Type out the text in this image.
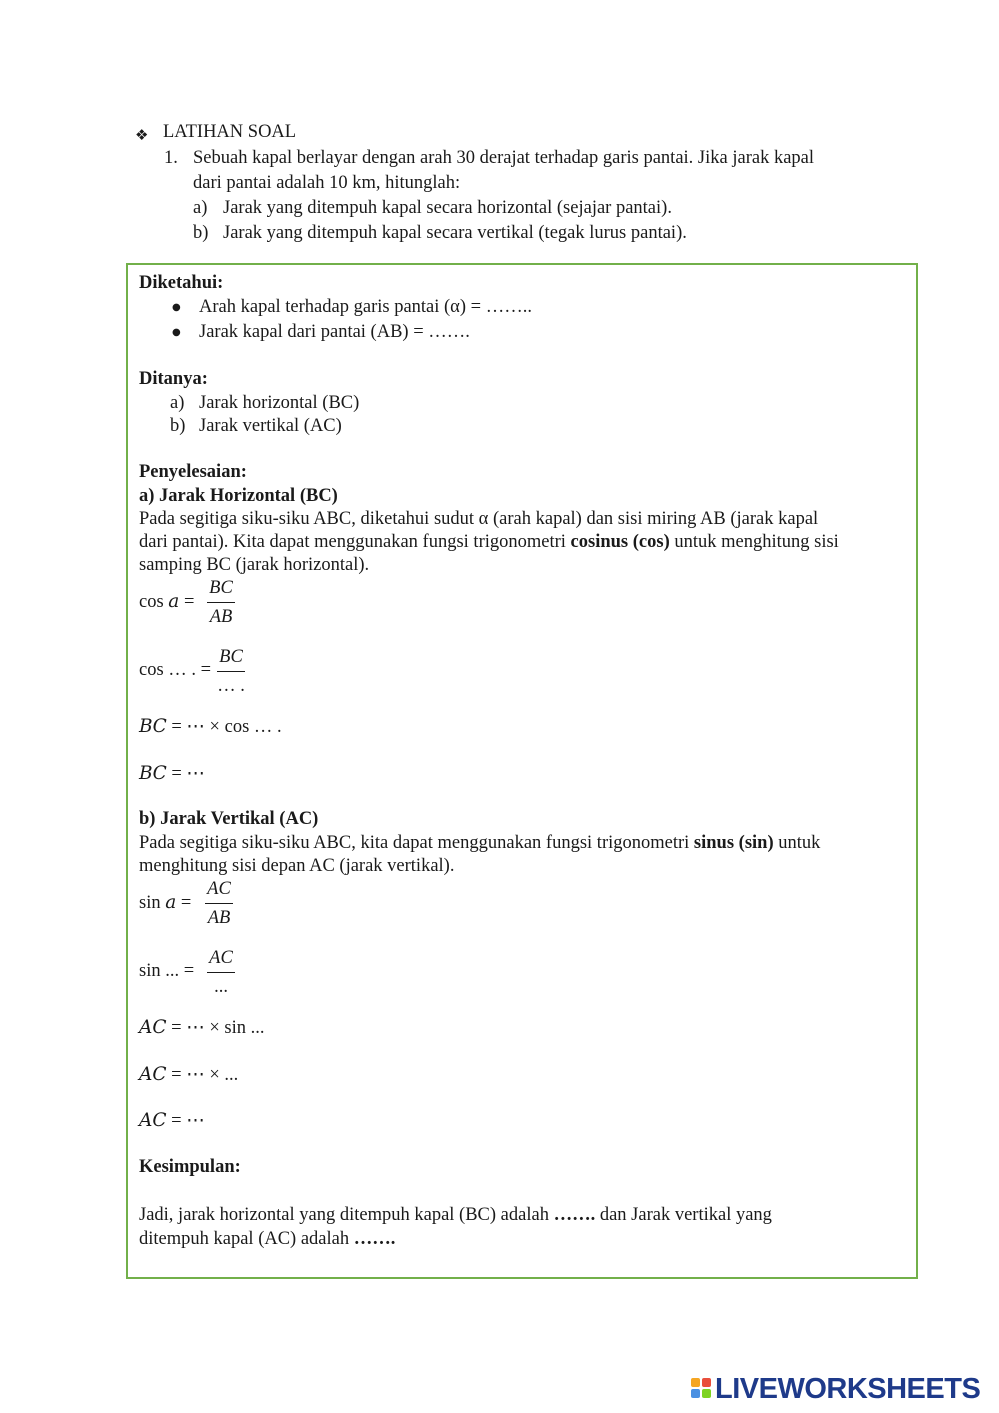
❖ LATIHAN SOAL
1. Sebuah kapal berlayar dengan arah 30 derajat terhadap garis pantai. Jika jarak kapal
dari pantai adalah 10 km, hitunglah:
a) Jarak yang ditempuh kapal secara horizontal (sejajar pantai).
b) Jarak yang ditempuh kapal secara vertikal (tegak lurus pantai).
Diketahui:
● Arah kapal terhadap garis pantai (α) = ……..
● Jarak kapal dari pantai (AB) = …….
Ditanya:
a) Jarak horizontal (BC)
b) Jarak vertikal (AC)
Penyelesaian:
a) Jarak Horizontal (BC)
Pada segitiga siku-siku ABC, diketahui sudut α (arah kapal) dan sisi miring AB (jarak kapal
dari pantai). Kita dapat menggunakan fungsi trigonometri cosinus (cos) untuk menghitung sisi
samping BC (jarak horizontal).
cos 𝑎 =
BC
AB
cos … . =
BC
… .
𝐵𝐶 = ⋯ × cos … .
𝐵𝐶 = ⋯
b) Jarak Vertikal (AC)
Pada segitiga siku-siku ABC, kita dapat menggunakan fungsi trigonometri sinus (sin) untuk
menghitung sisi depan AC (jarak vertikal).
sin 𝑎 =
AC
AB
sin ... =
AC
...
𝐴𝐶 = ⋯ × sin ...
𝐴𝐶 = ⋯ × ...
𝐴𝐶 = ⋯
Kesimpulan:
Jadi, jarak horizontal yang ditempuh kapal (BC) adalah ……. dan Jarak vertikal yang
ditempuh kapal (AC) adalah …….
LIVEWORKSHEETS
